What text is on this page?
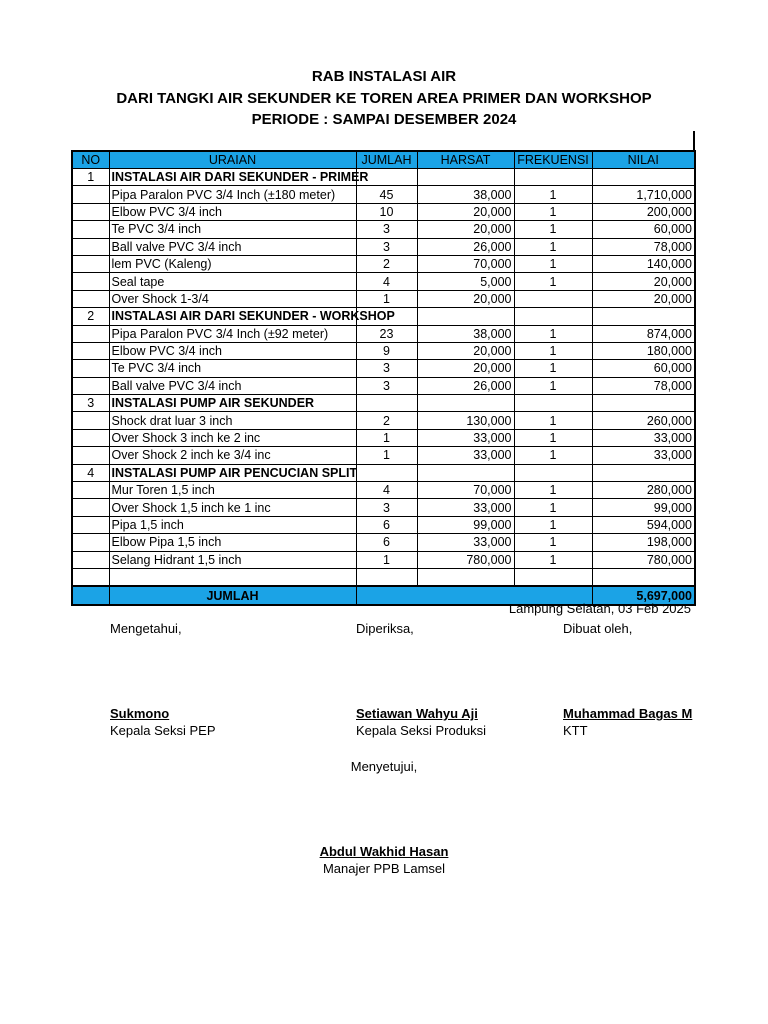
RAB INSTALASI AIR
DARI TANGKI AIR SEKUNDER KE TOREN AREA PRIMER DAN WORKSHOP
PERIODE : SAMPAI DESEMBER 2024
NO	URAIAN	JUMLAH	HARSAT	FREKUENSI	NILAI
1	INSTALASI AIR DARI SEKUNDER - PRIMER				
	Pipa Paralon PVC 3/4 Inch (±180 meter)	45	38,000	1	1,710,000
	Elbow PVC 3/4 inch	10	20,000	1	200,000
	Te PVC 3/4 inch	3	20,000	1	60,000
	Ball valve PVC 3/4 inch	3	26,000	1	78,000
	lem PVC (Kaleng)	2	70,000	1	140,000
	Seal tape	4	5,000	1	20,000
	Over Shock 1-3/4	1	20,000		20,000
2	INSTALASI AIR DARI SEKUNDER - WORKSHOP				
	Pipa Paralon PVC 3/4 Inch (±92 meter)	23	38,000	1	874,000
	Elbow PVC 3/4 inch	9	20,000	1	180,000
	Te PVC 3/4 inch	3	20,000	1	60,000
	Ball valve PVC 3/4 inch	3	26,000	1	78,000
3	INSTALASI PUMP AIR SEKUNDER				
	Shock drat luar 3 inch	2	130,000	1	260,000
	Over Shock 3 inch ke 2 inc	1	33,000	1	33,000
	Over Shock 2 inch ke 3/4 inc	1	33,000	1	33,000
4	INSTALASI PUMP AIR PENCUCIAN SPLIT				
	Mur Toren 1,5 inch	4	70,000	1	280,000
	Over Shock 1,5 inch ke 1 inc	3	33,000	1	99,000
	Pipa 1,5 inch	6	99,000	1	594,000
	Elbow Pipa 1,5 inch	6	33,000	1	198,000
	Selang Hidrant 1,5 inch	1	780,000	1	780,000

	JUMLAH				5,697,000
Lampung Selatan, 03 Feb 2025
Mengetahui,
Sukmono
Kepala Seksi PEP
Diperiksa,
Setiawan Wahyu Aji
Kepala Seksi Produksi
Dibuat oleh,
Muhammad Bagas M
KTT
Menyetujui,
Abdul Wakhid Hasan
Manajer PPB Lamsel
